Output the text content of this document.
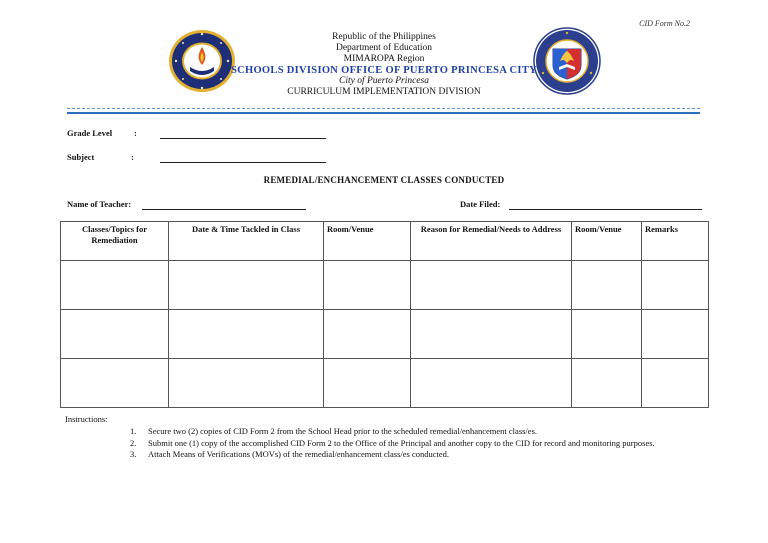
CID Form No.2
Republic of the Philippines
Department of Education
MIMAROPA Region
SCHOOLS DIVISION OFFICE OF PUERTO PRINCESA CITY
City of Puerto Princesa
CURRICULUM IMPLEMENTATION DIVISION
Grade Level	:
Subject	:
REMEDIAL/ENCHANCEMENT CLASSES CONDUCTED
Name of Teacher:	Date Filed:
Classes/Topics for Remediation	Date & Time Tackled in Class	Room/Venue	Reason for Remedial/Needs to Address	Room/Venue	Remarks

Instructions:
1.	Secure two (2) copies of CID Form 2 from the School Head prior to the scheduled remedial/enhancement class/es.
2.	Submit one (1) copy of the accomplished CID Form 2 to the Office of the Principal and another copy to the CID for record and monitoring purposes.
3.	Attach Means of Verifications (MOVs) of the remedial/enhancement class/es conducted.
